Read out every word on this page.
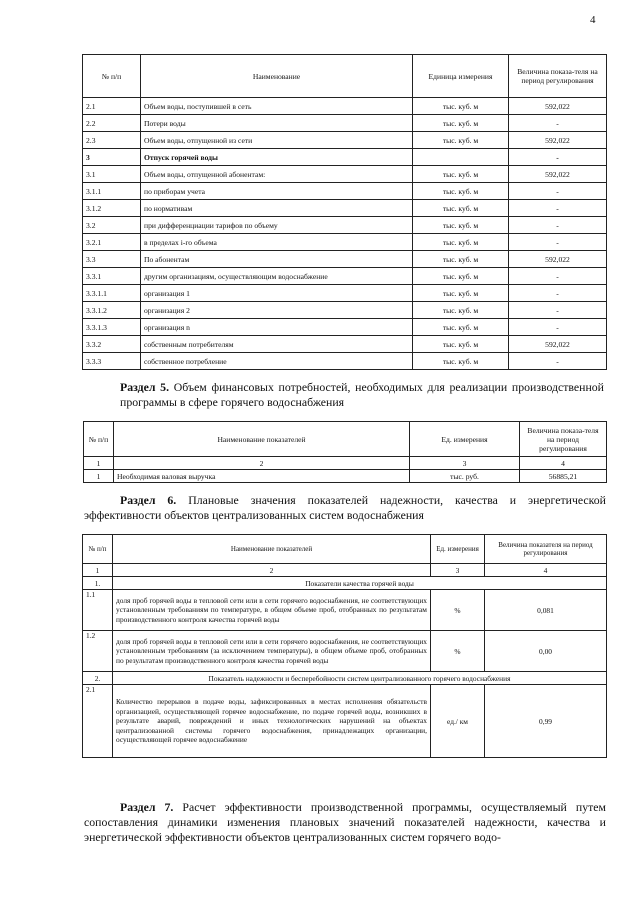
4
№ п/п	Наименование	Единица измерения	Величина показа-теля на период регулирования
2.1	Объем воды, поступившей в сеть	тыс. куб. м	592,022
2.2	Потери воды	тыс. куб. м	-
2.3	Объем воды, отпущенной из сети	тыс. куб. м	592,022
3	Отпуск горячей воды		-
3.1	Объем воды, отпущенной абонентам:	тыс. куб. м	592,022
3.1.1	по приборам учета	тыс. куб. м	-
3.1.2	по нормативам	тыс. куб. м	-
3.2	при дифференциации тарифов по объему	тыс. куб. м	-
3.2.1	в пределах i-го объема	тыс. куб. м	-
3.3	По абонентам	тыс. куб. м	592,022
3.3.1	другим организациям, осуществляющим водоснабжение	тыс. куб. м	-
3.3.1.1	организация 1	тыс. куб. м	-
3.3.1.2	организация 2	тыс. куб. м	-
3.3.1.3	организация n	тыс. куб. м	-
3.3.2	собственным потребителям	тыс. куб. м	592,022
3.3.3	собственное потребление	тыс. куб. м	-
Раздел 5. Объем финансовых потребностей, необходимых для реализации производственной программы в сфере горячего водоснабжения
№ п/п	Наименование показателей	Ед. измерения	Величина показа-теля на период регулирования
1	2	3	4
1	Необходимая валовая выручка	тыс. руб.	56885,21
Раздел 6. Плановые значения показателей надежности, качества и энергетической эффективности объектов централизованных систем водоснабжения
№ п/п	Наименование показателей	Ед. измерения	Величина показателя на период регулирования
1	2	3	4
1.	Показатели качества горячей воды		
1.1	доля проб горячей воды в тепловой сети или в сети горячего водоснабжения, не соответствующих установленным требованиям по температуре, в общем объеме проб, отобранных по результатам производственного контроля качества горячей воды	%	0,081
1.2	доля проб горячей воды в тепловой сети или в сети горячего водоснабжения, не соответствующих установленным требованиям (за исключением температуры), в общем объеме проб, отобранных по результатам производственного контроля качества горячей воды	%	0,00
2.	Показатель надежности и бесперебойности систем централизованного горячего водоснабжения		
2.1	Количество перерывов в подаче воды, зафиксированных в местах исполнения обязательств организацией, осуществляющей горячее водоснабжение, по подаче горячей воды, возникших в результате аварий, повреждений и иных технологических нарушений на объектах централизованной системы горячего водоснабжения, принадлежащих организации, осуществляющей горячее водоснабжение	ед./ км	0,99
Раздел 7. Расчет эффективности производственной программы, осуществляемый путем сопоставления динамики изменения плановых значений показателей надежности, качества и энергетической эффективности объектов централизованных систем горячего водо-
